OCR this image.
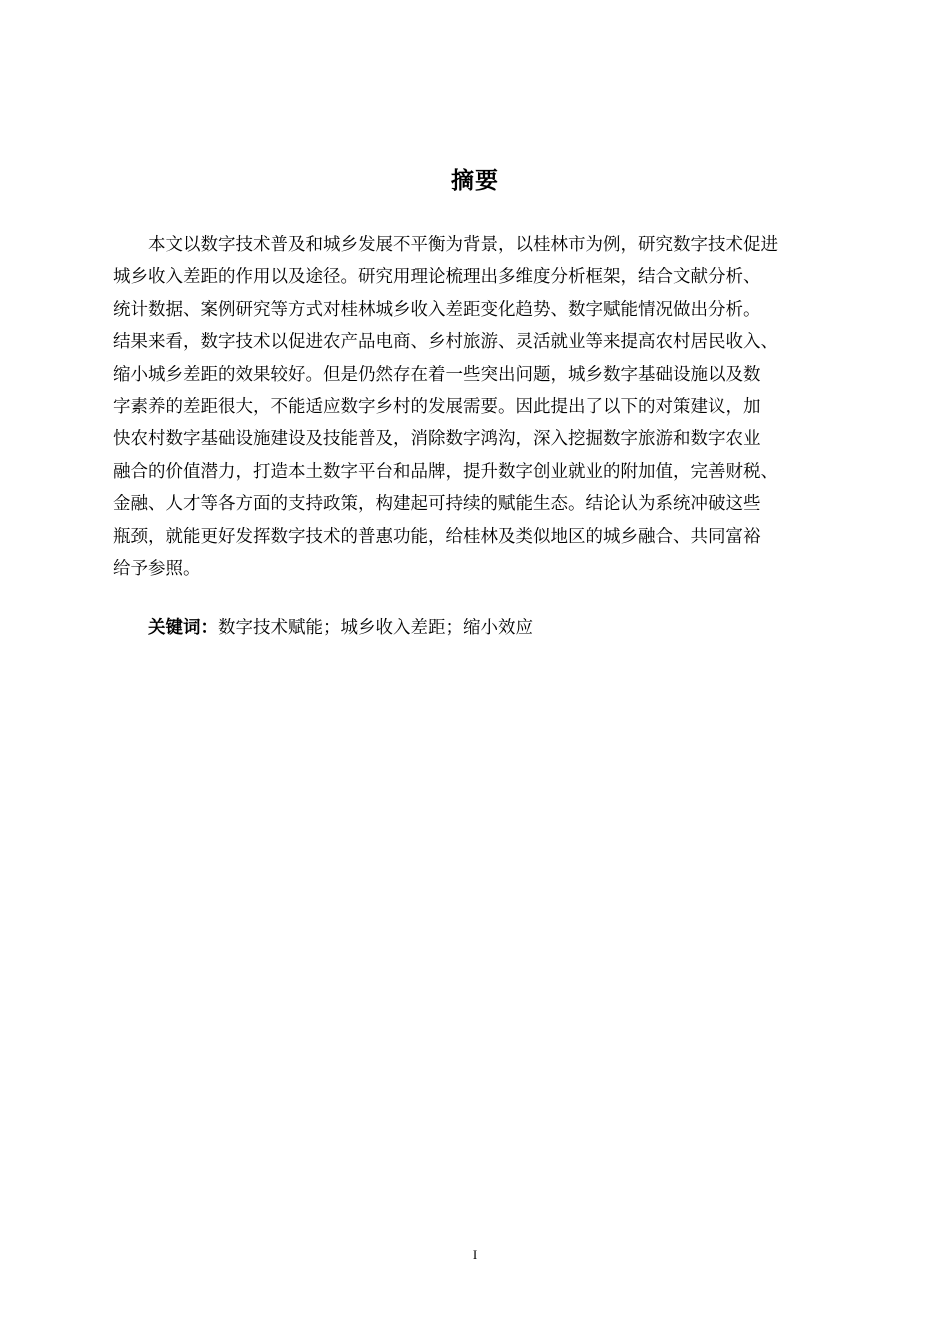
摘要
本文以数字技术普及和城乡发展不平衡为背景，以桂林市为例，研究数字技术促进
城乡收入差距的作用以及途径。研究用理论梳理出多维度分析框架，结合文献分析、
统计数据、案例研究等方式对桂林城乡收入差距变化趋势、数字赋能情况做出分析。
结果来看，数字技术以促进农产品电商、乡村旅游、灵活就业等来提高农村居民收入、
缩小城乡差距的效果较好。但是仍然存在着一些突出问题，城乡数字基础设施以及数
字素养的差距很大，不能适应数字乡村的发展需要。因此提出了以下的对策建议，加
快农村数字基础设施建设及技能普及，消除数字鸿沟，深入挖掘数字旅游和数字农业
融合的价值潜力，打造本土数字平台和品牌，提升数字创业就业的附加值，完善财税、
金融、人才等各方面的支持政策，构建起可持续的赋能生态。结论认为系统冲破这些
瓶颈，就能更好发挥数字技术的普惠功能，给桂林及类似地区的城乡融合、共同富裕
给予参照。
关键词：数字技术赋能；城乡收入差距；缩小效应
I
